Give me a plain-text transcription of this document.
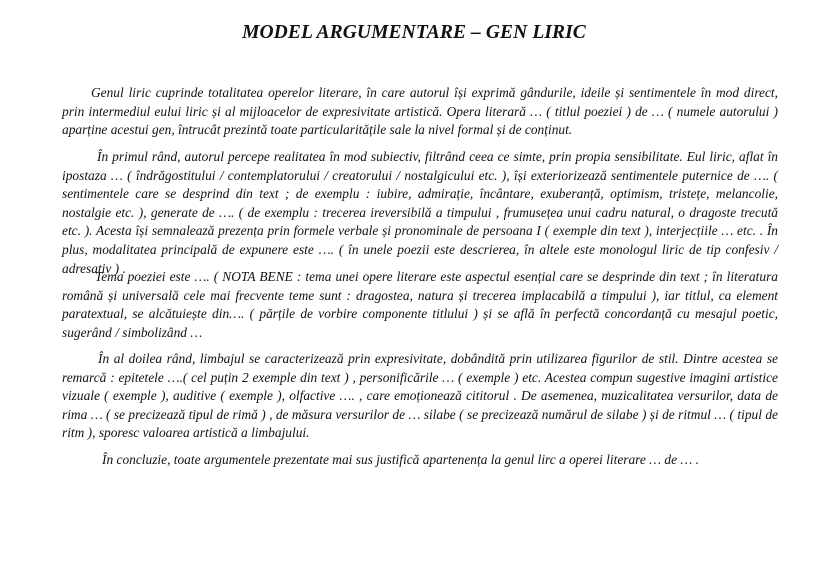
MODEL ARGUMENTARE – GEN LIRIC

Genul liric cuprinde totalitatea operelor literare, în care autorul își exprimă gândurile, ideile și sentimentele în mod direct, prin intermediul eului liric și al mijloacelor de expresivitate artistică. Opera literară … ( titlul poeziei ) de … ( numele autorului ) aparține acestui gen, întrucât prezintă toate particularitățile sale la nivel formal și de conținut.

În primul rând, autorul percepe realitatea în mod subiectiv, filtrând ceea ce simte, prin propia sensibilitate. Eul liric, aflat în ipostaza … ( îndrăgostitului / contemplatorului / creatorului / nostalgicului etc. ), își exteriorizează sentimentele puternice de …. ( sentimentele care se desprind din text ; de exemplu : iubire, admirație, încântare, exuberanță, optimism, tristețe, melancolie, nostalgie etc. ), generate de …. ( de exemplu : trecerea ireversibilă a timpului , frumusețea unui cadru natural, o dragoste trecută etc. ). Acesta își semnalează prezența prin formele verbale și pronominale de persoana I ( exemple din text ), interjecțiile … etc. . În plus, modalitatea principală de expunere este …. ( în unele poezii este descrierea, în altele este monologul liric de tip confesiv / adresativ ) .

Tema poeziei este …. ( NOTA BENE : tema unei opere literare este aspectul esențial care se desprinde din text ; în literatura română și universală cele mai frecvente teme sunt : dragostea, natura și trecerea implacabilă a timpului ), iar titlul, ca element paratextual, se alcătuiește din…. ( părțile de vorbire componente titlului ) și se află în perfectă concordanță cu mesajul poetic, sugerând / simbolizând …

În al doilea rând, limbajul se caracterizează prin expresivitate, dobândită prin utilizarea figurilor de stil. Dintre acestea se remarcă : epitetele ….( cel puțin 2 exemple din text ) , personificările … ( exemple ) etc. Acestea compun sugestive imagini artistice vizuale ( exemple ), auditive ( exemple ), olfactive …. , care emoționează cititorul . De asemenea, muzicalitatea versurilor, data de rima … ( se precizează tipul de rimă ) , de măsura versurilor de … silabe ( se precizează numărul de silabe ) și de ritmul … ( tipul de ritm ), sporesc valoarea artistică a limbajului.

În concluzie, toate argumentele prezentate mai sus justifică apartenența la genul lirc a operei literare … de … .
